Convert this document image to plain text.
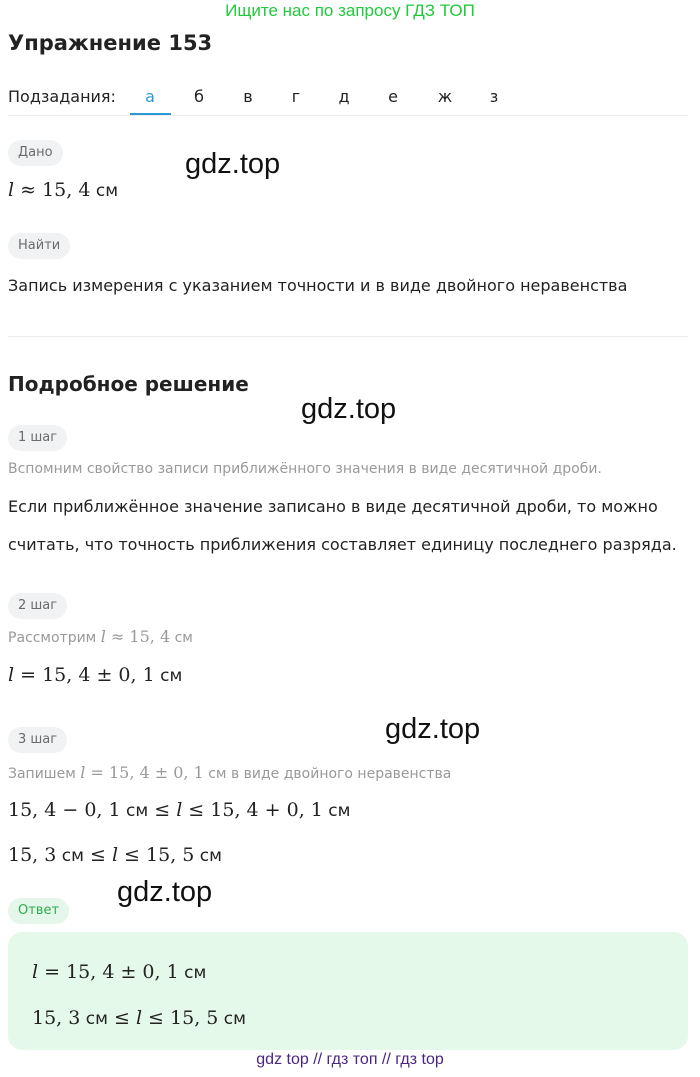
Ищите нас по запросу ГДЗ ТОП
Упражнение 153
Подзадания:	а	б	в	г	д	е	ж	з
Дано
l ≈ 15, 4 см
Найти
Запись измерения с указанием точности и в виде двойного неравенства
Подробное решение
1 шаг
Вспомним свойство записи приближённого значения в виде десятичной дроби.
Если приближённое значение записано в виде десятичной дроби, то можно
считать, что точность приближения составляет единицу последнего разряда.
2 шаг
Рассмотрим l ≈ 15, 4 см
l = 15, 4 ± 0, 1 см
3 шаг
Запишем l = 15, 4 ± 0, 1 см в виде двойного неравенства
15, 4 − 0, 1 см ≤ l ≤ 15, 4 + 0, 1 см
15, 3 см ≤ l ≤ 15, 5 см
Ответ
l = 15, 4 ± 0, 1 см
15, 3 см ≤ l ≤ 15, 5 см
gdz.top
gdz.top
gdz.top
gdz.top
gdz top // гдз топ // гдз top
